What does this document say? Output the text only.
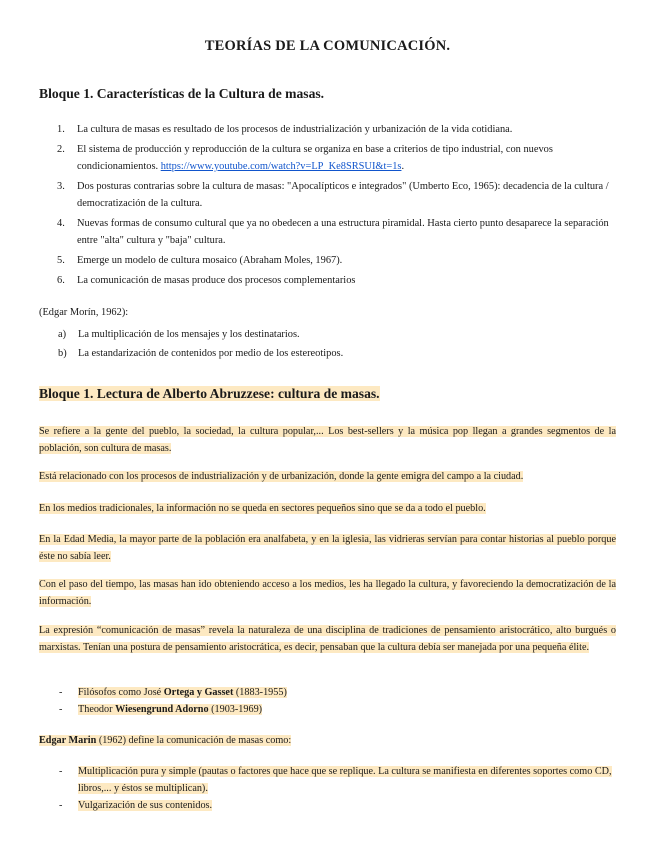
TEORÍAS DE LA COMUNICACIÓN.
Bloque 1. Características de la Cultura de masas.
1. La cultura de masas es resultado de los procesos de industrialización y urbanización de la vida cotidiana.
2. El sistema de producción y reproducción de la cultura se organiza en base a criterios de tipo industrial, con nuevos condicionamientos. https://www.youtube.com/watch?v=LP_Ke8SRSUI&t=1s.
3. Dos posturas contrarias sobre la cultura de masas: "Apocalípticos e integrados" (Umberto Eco, 1965): decadencia de la cultura / democratización de la cultura.
4. Nuevas formas de consumo cultural que ya no obedecen a una estructura piramidal. Hasta cierto punto desaparece la separación entre "alta" cultura y "baja" cultura.
5. Emerge un modelo de cultura mosaico (Abraham Moles, 1967).
6. La comunicación de masas produce dos procesos complementarios
(Edgar Morín, 1962):
a) La multiplicación de los mensajes y los destinatarios.
b) La estandarización de contenidos por medio de los estereotipos.
Bloque 1. Lectura de Alberto Abruzzese: cultura de masas.
Se refiere a la gente del pueblo, la sociedad, la cultura popular,... Los best-sellers y la música pop llegan a grandes segmentos de la población, son cultura de masas.
Está relacionado con los procesos de industrialización y de urbanización, donde la gente emigra del campo a la ciudad.
En los medios tradicionales, la información no se queda en sectores pequeños sino que se da a todo el pueblo.
En la Edad Media, la mayor parte de la población era analfabeta, y en la iglesia, las vidrieras servían para contar historias al pueblo porque éste no sabía leer.
Con el paso del tiempo, las masas han ido obteniendo acceso a los medios, les ha llegado la cultura, y favoreciendo la democratización de la información.
La expresión “comunicación de masas” revela la naturaleza de una disciplina de tradiciones de pensamiento aristocrático, alto burgués o marxistas. Tenían una postura de pensamiento aristocrática, es decir, pensaban que la cultura debía ser manejada por una pequeña élite.
- Filósofos como José Ortega y Gasset (1883-1955)
- Theodor Wiesengrund Adorno (1903-1969)
Edgar Marin (1962) define la comunicación de masas como:
- Multiplicación pura y simple (pautas o factores que hace que se replique. La cultura se manifiesta en diferentes soportes como CD, libros,... y éstos se multiplican).
- Vulgarización de sus contenidos.
